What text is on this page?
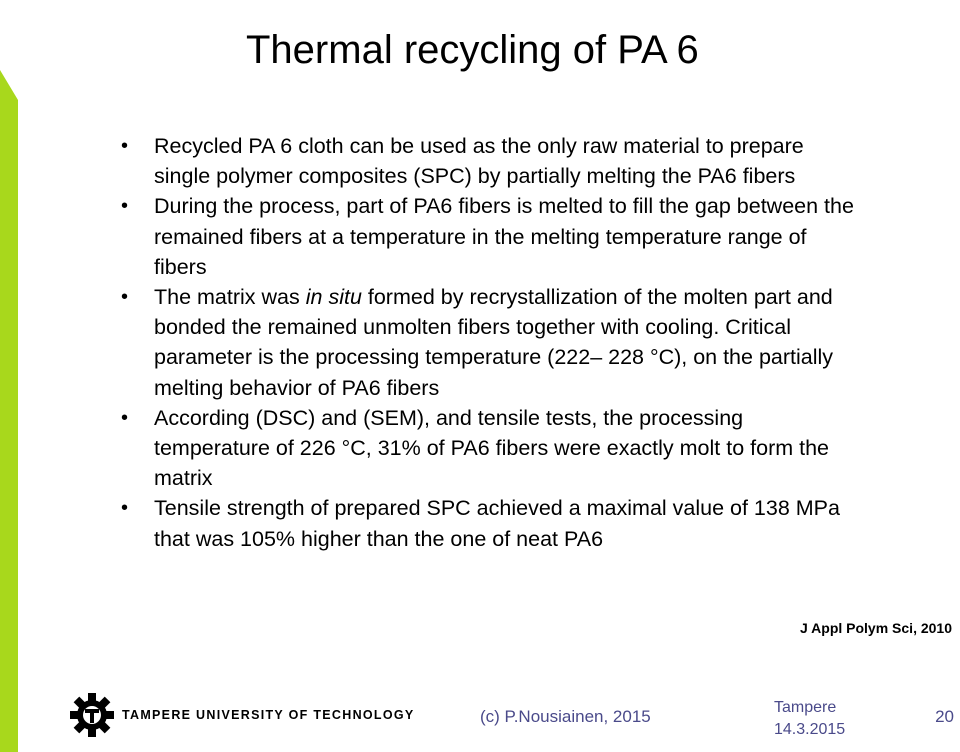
Thermal recycling of PA 6
• Recycled PA 6 cloth can be used as the only raw material to prepare single polymer composites (SPC) by partially melting the PA6 fibers
• During the process, part of PA6 fibers is melted to fill the gap between the remained fibers at a temperature in the melting temperature range of fibers
• The matrix was in situ formed by recrystallization of the molten part and bonded the remained unmolten fibers together with cooling. Critical parameter is the processing temperature (222– 228 °C), on the partially melting behavior of PA6 fibers
• According (DSC) and (SEM), and tensile tests, the processing temperature of 226 °C, 31% of PA6 fibers were exactly molt to form the matrix
• Tensile strength of prepared SPC achieved a maximal value of 138 MPa that was 105% higher than the one of neat PA6
J Appl Polym Sci, 2010
TAMPERE UNIVERSITY OF TECHNOLOGY	(c) P.Nousiainen, 2015	Tampere
14.3.2015
20
